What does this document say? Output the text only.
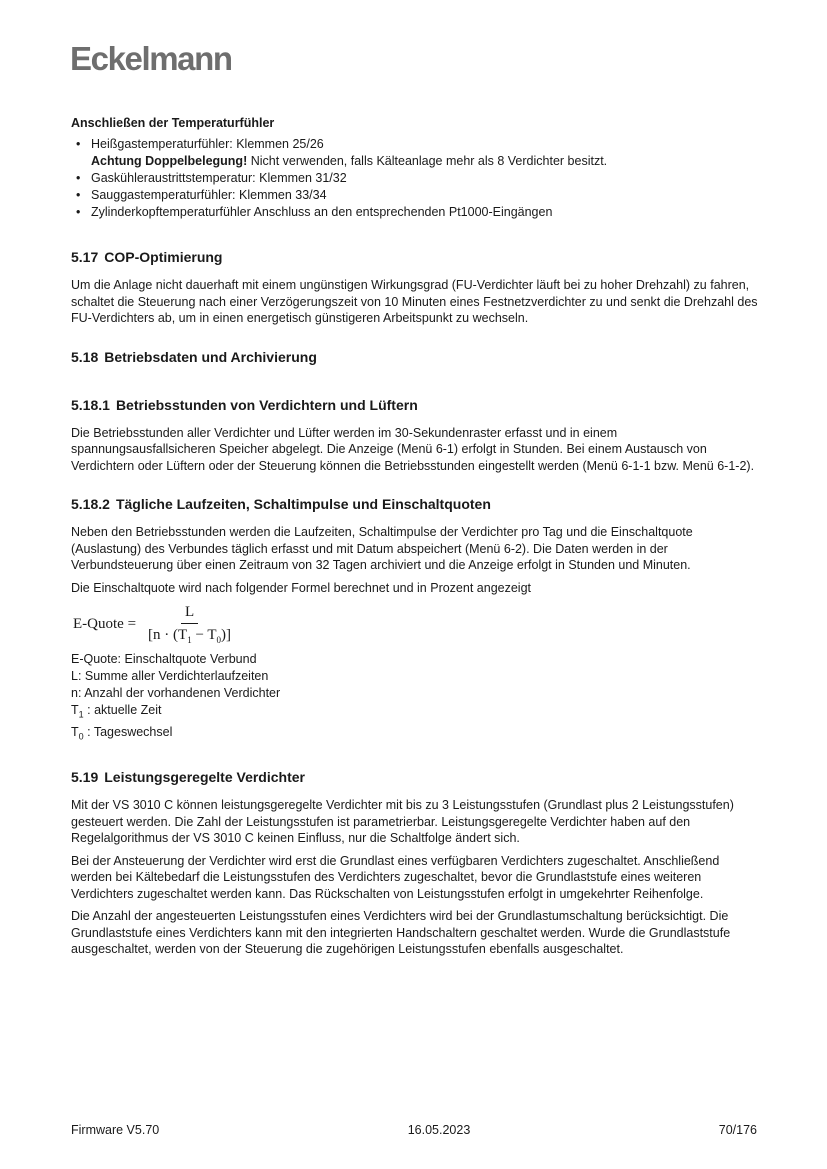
Eckelmann
Anschließen der Temperaturfühler
• Heißgastemperaturfühler: Klemmen 25/26
Achtung Doppelbelegung! Nicht verwenden, falls Kälteanlage mehr als 8 Verdichter besitzt.
• Gaskühleraustrittstemperatur: Klemmen 31/32
• Sauggastemperaturfühler: Klemmen 33/34
• Zylinderkopftemperaturfühler Anschluss an den entsprechenden Pt1000-Eingängen
5.17 COP-Optimierung

Um die Anlage nicht dauerhaft mit einem ungünstigen Wirkungsgrad (FU-Verdichter läuft bei zu hoher Drehzahl) zu fahren, schaltet die Steuerung nach einer Verzögerungszeit von 10 Minuten eines Festnetzverdichter zu und senkt die Drehzahl des FU-Verdichters ab, um in einen energetisch günstigeren Arbeitspunkt zu wechseln.

5.18 Betriebsdaten und Archivierung
5.18.1 Betriebsstunden von Verdichtern und Lüftern

Die Betriebsstunden aller Verdichter und Lüfter werden im 30-Sekundenraster erfasst und in einem spannungsausfallsicheren Speicher abgelegt. Die Anzeige (Menü 6-1) erfolgt in Stunden. Bei einem Austausch von Verdichtern oder Lüftern oder der Steuerung können die Betriebsstunden eingestellt werden (Menü 6-1-1 bzw. Menü 6-1-2).

5.18.2 Tägliche Laufzeiten, Schaltimpulse und Einschaltquoten

Neben den Betriebsstunden werden die Laufzeiten, Schaltimpulse der Verdichter pro Tag und die Einschaltquote (Auslastung) des Verbundes täglich erfasst und mit Datum abspeichert (Menü 6-2). Die Daten werden in der Verbundsteuerung über einen Zeitraum von 32 Tagen archiviert und die Anzeige erfolgt in Stunden und Minuten.

Die Einschaltquote wird nach folgender Formel berechnet und in Prozent angezeigt

E-Quote = $\frac{L}{[n \cdot (T_1 - T_0)]}$

E-Quote: Einschaltquote Verbund

L: Summe aller Verdichterlaufzeiten

n: Anzahl der vorhandenen Verdichter

$T_1$ : aktuelle Zeit

$T_0$ : Tageswechsel

5.19 Leistungsgeregelte Verdichter

Mit der VS 3010 C können leistungsgeregelte Verdichter mit bis zu 3 Leistungsstufen (Grundlast plus 2 Leistungsstufen) gesteuert werden. Die Zahl der Leistungsstufen ist parametrierbar. Leistungsgeregelte Verdichter haben auf den Regelalgorithmus der VS 3010 C keinen Einfluss, nur die Schaltfolge ändert sich.

Bei der Ansteuerung der Verdichter wird erst die Grundlast eines verfügbaren Verdichters zugeschaltet. Anschließend werden bei Kältebedarf die Leistungsstufen des Verdichters zugeschaltet, bevor die Grundlaststufe eines weiteren Verdichters zugeschaltet werden kann. Das Rückschalten von Leistungsstufen erfolgt in umgekehrter Reihenfolge.

Die Anzahl der angesteuerten Leistungsstufen eines Verdichters wird bei der Grundlastumschaltung berücksichtigt. Die Grundlaststufe eines Verdichters kann mit den integrierten Handschaltern geschaltet werden. Wurde die Grundlaststufe ausgeschaltet, werden von der Steuerung die zugehörigen Leistungsstufen ebenfalls ausgeschaltet.

Firmware V5.70	16.05.2023	70/176
